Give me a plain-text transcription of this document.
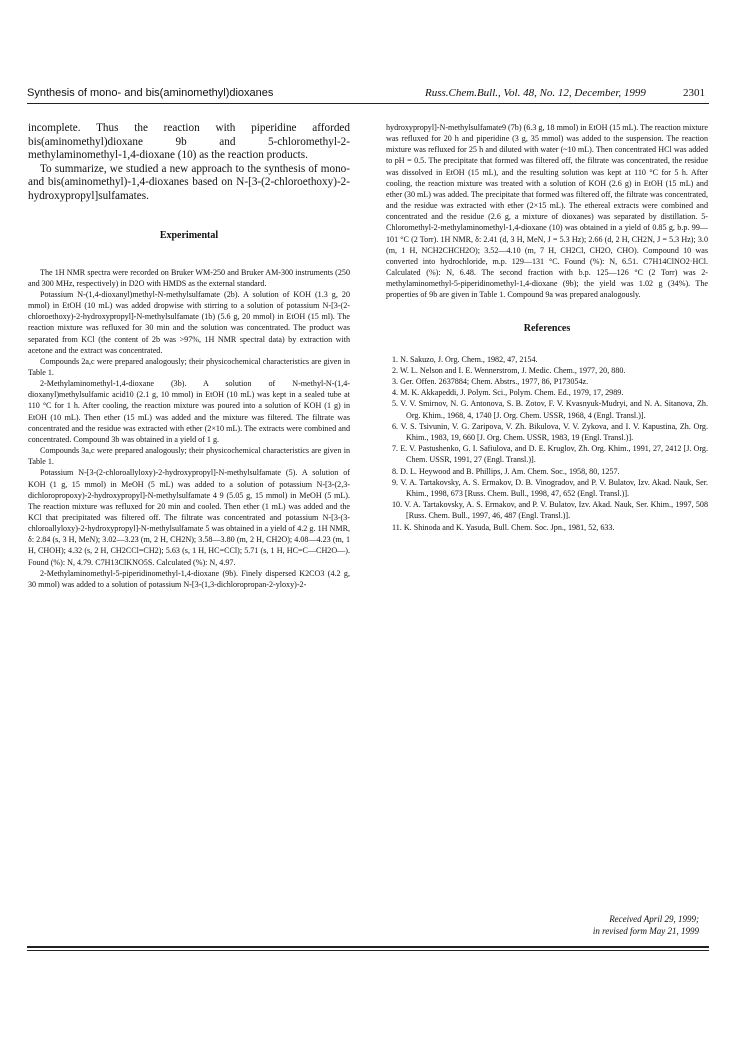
Synthesis of mono- and bis(aminomethyl)dioxanes	Russ.Chem.Bull., Vol. 48, No. 12, December, 1999	2301

incomplete. Thus the reaction with piperidine afforded bis(aminomethyl)dioxane 9b and 5-chloromethyl-2-methylaminomethyl-1,4-dioxane (10) as the reaction products.

To summarize, we studied a new approach to the synthesis of mono- and bis(aminomethyl)-1,4-dioxanes based on N-[3-(2-chloroethoxy)-2-hydroxypropyl]sulfamates.

Experimental

The 1H NMR spectra were recorded on Bruker WM-250 and Bruker AM-300 instruments (250 and 300 MHz, respectively) in D2O with HMDS as the external standard.

Potassium N-(1,4-dioxanyl)methyl-N-methylsulfamate (2b). A solution of KOH (1.3 g, 20 mmol) in EtOH (10 mL) was added dropwise with stirring to a solution of potassium N-[3-(2-chloroethoxy)-2-hydroxypropyl]-N-methylsulfamate (1b) (5.6 g, 20 mmol) in EtOH (15 ml). The reaction mixture was refluxed for 30 min and the solution was concentrated. The product was separated from KCl (the content of 2b was >97%, 1H NMR spectral data) by extraction with acetone and the extract was concentrated.

Compounds 2a,c were prepared analogously; their physicochemical characteristics are given in Table 1.

2-Methylaminomethyl-1,4-dioxane (3b). A solution of N-methyl-N-(1,4-dioxanyl)methylsulfamic acid10 (2.1 g, 10 mmol) in EtOH (10 mL) was kept in a sealed tube at 110 °C for 1 h. After cooling, the reaction mixture was poured into a solution of KOH (1 g) in EtOH (10 mL). Then ether (15 mL) was added and the mixture was filtered. The filtrate was concentrated and the residue was extracted with ether (2×10 mL). The extracts were combined and concentrated. Compound 3b was obtained in a yield of 1 g.

Compounds 3a,c were prepared analogously; their physicochemical characteristics are given in Table 1.

Potassium N-[3-(2-chloroallyloxy)-2-hydroxypropyl]-N-methylsulfamate (5). A solution of KOH (1 g, 15 mmol) in MeOH (5 mL) was added to a solution of potassium N-[3-(2,3-dichloropropoxy)-2-hydroxypropyl]-N-methylsulfamate 4 9 (5.05 g, 15 mmol) in MeOH (5 mL). The reaction mixture was refluxed for 20 min and cooled. Then ether (1 mL) was added and the KCl that precipitated was filtered off. The filtrate was concentrated and potassium N-[3-(3-chloroallyloxy)-2-hydroxypropyl]-N-methylsulfamate 5 was obtained in a yield of 4.2 g. 1H NMR, δ: 2.84 (s, 3 H, MeN); 3.02—3.23 (m, 2 H, CH2N); 3.58—3.80 (m, 2 H, CH2O); 4.08—4.23 (m, 1 H, CHOH); 4.32 (s, 2 H, CH2CCl=CH2); 5.63 (s, 1 H, HC=CCl); 5.71 (s, 1 H, HC=C—CH2O—). Found (%): N, 4.79. C7H13ClKNO5S. Calculated (%): N, 4.97.

2-Methylaminomethyl-5-piperidinomethyl-1,4-dioxane (9b). Finely dispersed K2CO3 (4.2 g, 30 mmol) was added to a solution of potassium N-[3-(1,3-dichloropropan-2-yloxy)-2-

hydroxypropyl]-N-methylsulfamate9 (7b) (6.3 g, 18 mmol) in EtOH (15 mL). The reaction mixture was refluxed for 20 h and piperidine (3 g, 35 mmol) was added to the suspension. The reaction mixture was refluxed for 25 h and diluted with water (~10 mL). Then concentrated HCl was added to pH = 0.5. The precipitate that formed was filtered off, the filtrate was concentrated, the residue was dissolved in EtOH (15 mL), and the resulting solution was kept at 110 °C for 5 h. After cooling, the reaction mixture was treated with a solution of KOH (2.6 g) in EtOH (15 mL) and ether (30 mL) was added. The precipitate that formed was filtered off, the filtrate was concentrated, and the residue was extracted with ether (2×15 mL). The ethereal extracts were combined and concentrated and the residue (2.6 g, a mixture of dioxanes) was separated by distillation. 5-Chloromethyl-2-methylaminomethyl-1,4-dioxane (10) was obtained in a yield of 0.85 g, b.p. 99—101 °C (2 Torr). 1H NMR, δ: 2.41 (d, 3 H, MeN, J = 5.3 Hz); 2.66 (d, 2 H, CH2N, J = 5.3 Hz); 3.0 (m, 1 H, NCH2CHCH2O); 3.52—4.10 (m, 7 H, CH2Cl, CH2O, CHO). Compound 10 was converted into hydrochloride, m.p. 129—131 °C. Found (%): N, 6.51. C7H14ClNO2·HCl. Calculated (%): N, 6.48. The second fraction with b.p. 125—126 °C (2 Torr) was 2-methylaminomethyl-5-piperidinomethyl-1,4-dioxane (9b); the yield was 1.02 g (34%). The properties of 9b are given in Table 1. Compound 9a was prepared analogously.

References

1. N. Sakuzo, J. Org. Chem., 1982, 47, 2154.
2. W. L. Nelson and I. E. Wennerstrom, J. Medic. Chem., 1977, 20, 880.
3. Ger. Offen. 2637884; Chem. Abstrs., 1977, 86, P173054z.
4. M. K. Akkapeddi, J. Polym. Sci., Polym. Chem. Ed., 1979, 17, 2989.
5. V. V. Smirnov, N. G. Antonova, S. B. Zotov, F. V. Kvasnyuk-Mudryi, and N. A. Sitanova, Zh. Org. Khim., 1968, 4, 1740 [J. Org. Chem. USSR, 1968, 4 (Engl. Transl.)].
6. V. S. Tsivunin, V. G. Zaripova, V. Zh. Bikulova, V. V. Zykova, and I. V. Kapustina, Zh. Org. Khim., 1983, 19, 660 [J. Org. Chem. USSR, 1983, 19 (Engl. Transl.)].
7. E. V. Pastushenko, G. I. Safiulova, and D. E. Kruglov, Zh. Org. Khim., 1991, 27, 2412 [J. Org. Chem. USSR, 1991, 27 (Engl. Transl.)].
8. D. L. Heywood and B. Phillips, J. Am. Chem. Soc., 1958, 80, 1257.
9. V. A. Tartakovsky, A. S. Ermakov, D. B. Vinogradov, and P. V. Bulatov, Izv. Akad. Nauk, Ser. Khim., 1998, 673 [Russ. Chem. Bull., 1998, 47, 652 (Engl. Transl.)].
10. V. A. Tartakovsky, A. S. Ermakov, and P. V. Bulatov, Izv. Akad. Nauk, Ser. Khim., 1997, 508 [Russ. Chem. Bull., 1997, 46, 487 (Engl. Transl.)].
11. K. Shinoda and K. Yasuda, Bull. Chem. Soc. Jpn., 1981, 52, 633.
Received April 29, 1999;
in revised form May 21, 1999
